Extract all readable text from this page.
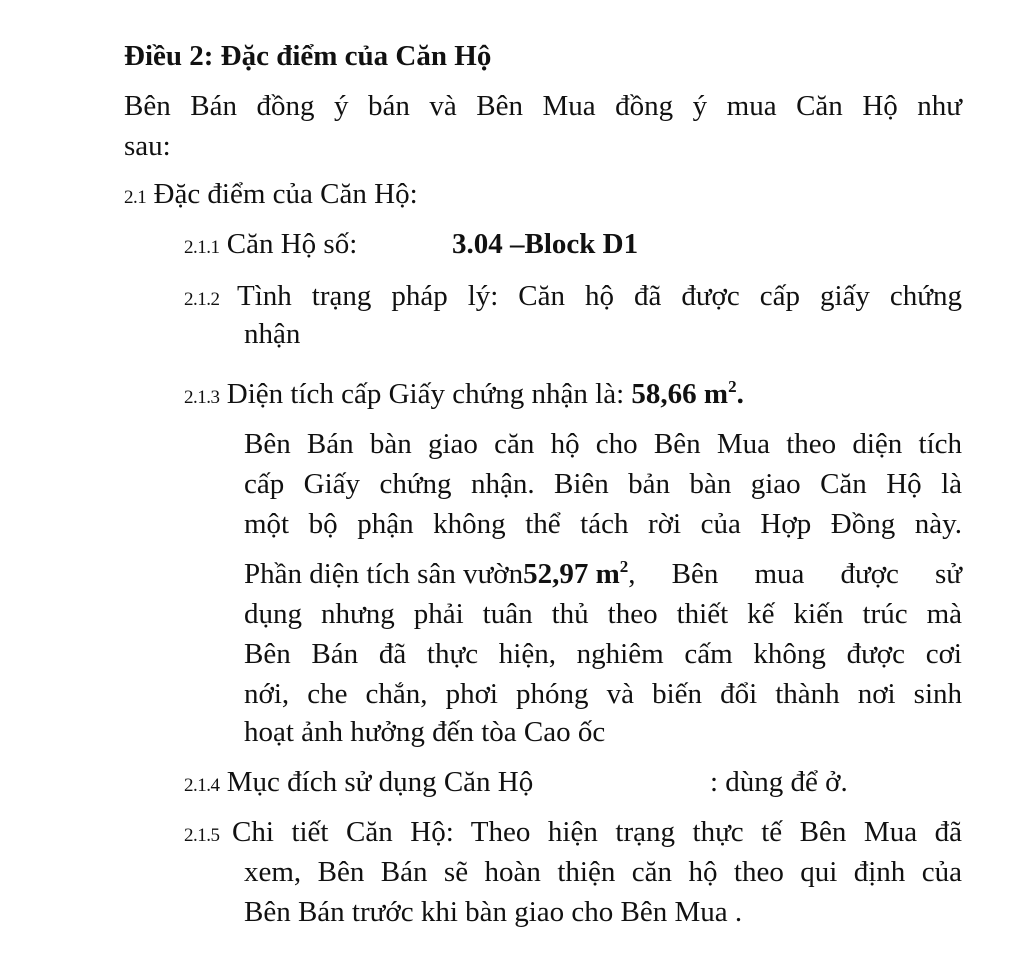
Điều 2: Đặc điểm của Căn Hộ
Bên Bán đồng ý bán và Bên Mua đồng ý mua Căn Hộ như
sau:
2.1 Đặc điểm của Căn Hộ:
2.1.1 Căn Hộ số:	3.04 –Block D1
2.1.2 Tình trạng pháp lý: Căn hộ đã được cấp giấy chứng
nhận
2.1.3 Diện tích cấp Giấy chứng nhận là: 58,66 $m^2$.
Bên Bán bàn giao căn hộ cho Bên Mua theo diện tích
cấp Giấy chứng nhận. Biên bản bàn giao Căn Hộ là
một bộ phận không thể tách rời của Hợp Đồng này.
Phần diện tích sân vườn 52,97 $m^2$ , Bên mua được sử
dụng nhưng phải tuân thủ theo thiết kế kiến trúc mà
Bên Bán đã thực hiện, nghiêm cấm không được cơi
nới, che chắn, phơi phóng và biến đổi thành nơi sinh
hoạt ảnh hưởng đến tòa Cao ốc
2.1.4 Mục đích sử dụng Căn Hộ	: dùng để ở.
2.1.5 Chi tiết Căn Hộ: Theo hiện trạng thực tế Bên Mua đã
xem, Bên Bán sẽ hoàn thiện căn hộ theo qui định của
Bên Bán trước khi bàn giao cho Bên Mua .
